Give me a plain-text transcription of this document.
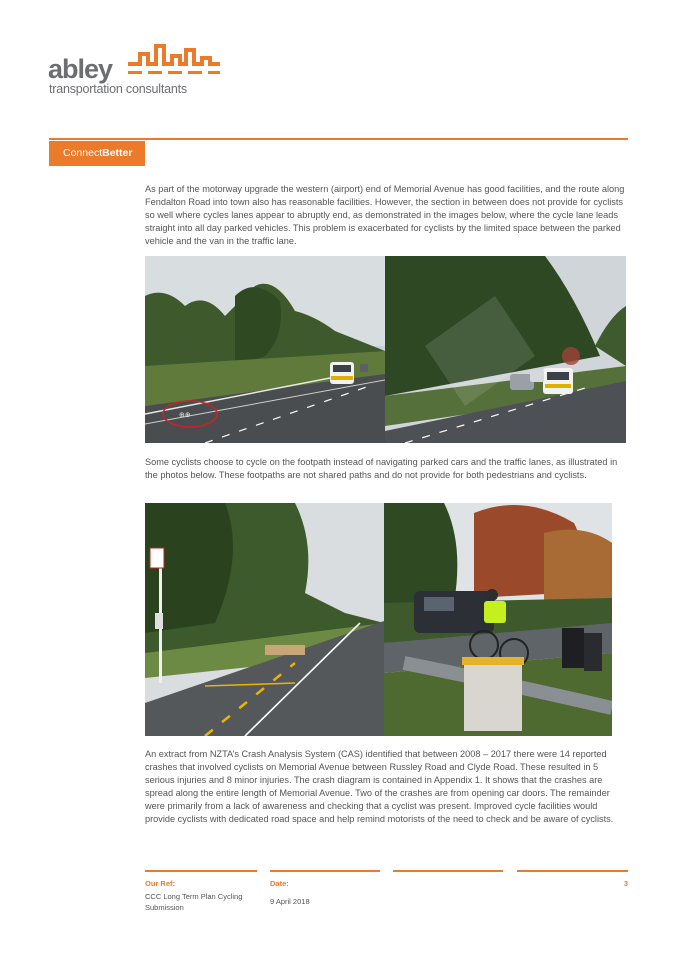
abley
transportation consultants
ConnectBetter

As part of the motorway upgrade the western (airport) end of Memorial Avenue has good facilities, and the route along Fendalton Road into town also has reasonable facilities. However, the section in between does not provide for cyclists so well where cycles lanes appear to abruptly end, as demonstrated in the images below, where the cycle lane leads straight into all day parked vehicles. This problem is exacerbated for cyclists by the limited space between the parked vehicle and the van in the traffic lane.

⊕⊕

Some cyclists choose to cycle on the footpath instead of navigating parked cars and the traffic lanes, as illustrated in the photos below. These footpaths are not shared paths and do not provide for both pedestrians and cyclists.

An extract from NZTA’s Crash Analysis System (CAS) identified that between 2008 – 2017 there were 14 reported crashes that involved cyclists on Memorial Avenue between Russley Road and Clyde Road. These resulted in 5 serious injuries and 8 minor injuries. The crash diagram is contained in Appendix 1. It shows that the crashes are spread along the entire length of Memorial Avenue. Two of the crashes are from opening car doors. The remainder were primarily from a lack of awareness and checking that a cyclist was present. Improved cycle facilities would provide cyclists with dedicated road space and help remind motorists of the need to check and be aware of cyclists.

Our Ref:	Date:	3
CCC Long Term Plan Cycling Submission
9 April 2018
